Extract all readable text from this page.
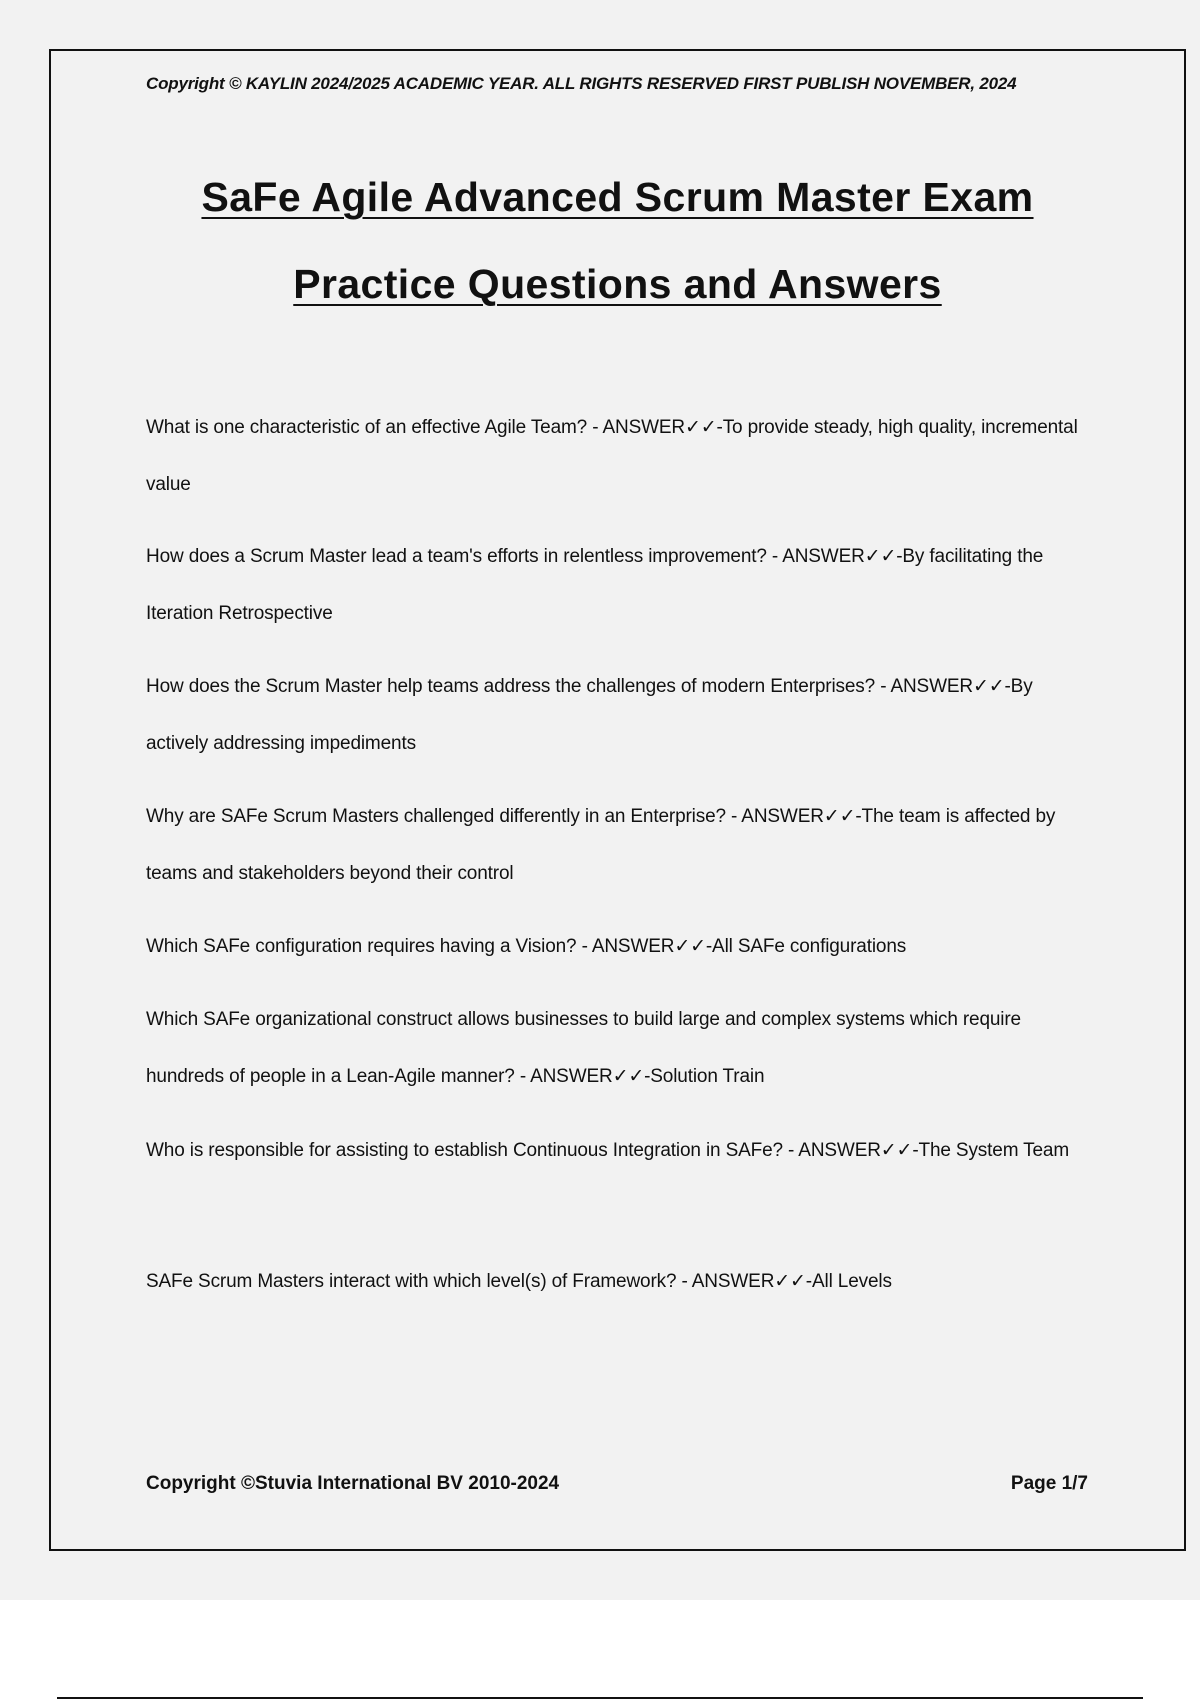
Copyright © KAYLIN 2024/2025 ACADEMIC YEAR. ALL RIGHTS RESERVED FIRST PUBLISH NOVEMBER, 2024
SaFe Agile Advanced Scrum Master Exam
Practice Questions and Answers
What is one characteristic of an effective Agile Team? - ANSWER✓✓-To provide steady, high quality, incremental value
How does a Scrum Master lead a team's efforts in relentless improvement? - ANSWER✓✓-By facilitating the Iteration Retrospective
How does the Scrum Master help teams address the challenges of modern Enterprises? - ANSWER✓✓-By actively addressing impediments
Why are SAFe Scrum Masters challenged differently in an Enterprise? - ANSWER✓✓-The team is affected by teams and stakeholders beyond their control
Which SAFe configuration requires having a Vision? - ANSWER✓✓-All SAFe configurations
Which SAFe organizational construct allows businesses to build large and complex systems which require hundreds of people in a Lean-Agile manner? - ANSWER✓✓-Solution Train
Who is responsible for assisting to establish Continuous Integration in SAFe? - ANSWER✓✓-The System Team
SAFe Scrum Masters interact with which level(s) of Framework? - ANSWER✓✓-All Levels
Copyright ©Stuvia International BV 2010-2024	Page 1/7
